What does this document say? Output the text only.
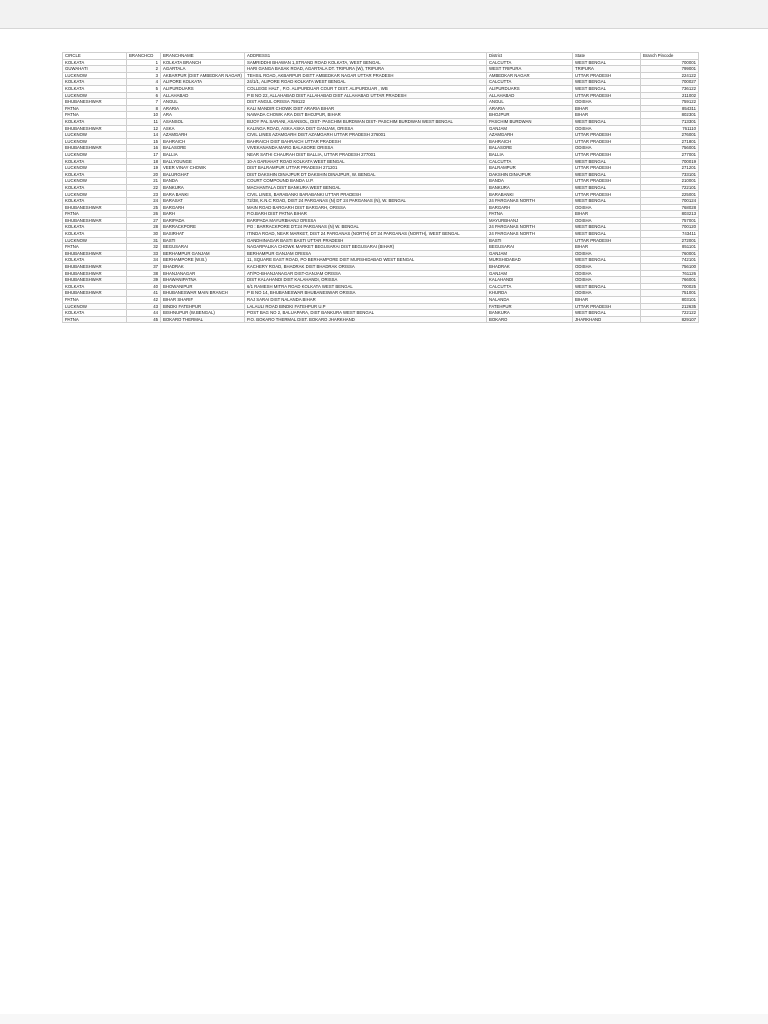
CIRCLE	BRANCHCD	BRANCHNAME	ADDRESS1	District	State	Branch Pincode
KOLKATA	1	KOLKATA BRANCH	SAMRIDDHI BHAWAN 1,STRAND ROAD KOLKATA, WEST BENGAL	CALCUTTA	WEST BENGAL	700001
GUWAHATI	2	AGARTALA	HARI GANGA BASAK ROAD, AGARTALA DT. TRIPURA (W), TRIPURA	WEST TRIPURA	TRIPURA	799001
LUCKNOW	3	AKBARPUR (DIST AMBEDKAR NAGAR)	TEHSIL ROAD, AKBARPUR DISTT AMBEDKAR NAGAR UTTAR PRADESH	AMBEDKAR NAGAR	UTTAR PRADESH	224122
KOLKATA	4	ALIPORE KOLKATA	24/1/1, ALIPORE ROAD KOLKATA WEST BENGAL	CALCUTTA	WEST BENGAL	700027
KOLKATA	5	ALIPURDUARS	COLLEGE HALT , P.O. ALIPURDUAR COUR T DIST. ALIPURDUAR , WB	ALIPURDUARS	WEST BENGAL	736122
LUCKNOW	6	ALLAHABAD	P B NO 22, ALLAHABAD DIST ALLAHABAD DIST ALLAHABAD UTTAR PRADESH	ALLAHABAD	UTTAR PRADESH	211002
BHUBANESHWAR	7	ANGUL	DIST ANGUL ORISSA 759122	ANGUL	ODISHA	759122
PATNA	8	ARARIA	KALI MANDIR CHOWK DIST ARARIA BIHAR	ARARIA	BIHAR	854311
PATNA	10	ARA	NAWADA CHOWK ARA DIST BHOJPUR, BIHAR	BHOJPUR	BIHAR	802301
KOLKATA	11	ASANSOL	BIJOY PAL SARANI, ASANSOL, DIST- PASCHIM BURDWAN DIST- PASCHIM BURDWAN WEST BENGAL	PASCHIM BURDWAN	WEST BENGAL	713301
BHUBANESHWAR	12	ASKA	KALINGA ROAD, ASKA ASKA DIST GANJAM, ORISSA	GANJAM	ODISHA	761110
LUCKNOW	14	AZAMGARH	CIVIL LINES AZAMGARH DIST AZAMGARH UTTAR PRADESH 276001	AZAMGARH	UTTAR PRADESH	276001
LUCKNOW	15	BAHRAICH	BAHRAICH DIST BAHRAICH UTTAR PRADESH	BAHRAICH	UTTAR PRADESH	271801
BHUBANESHWAR	16	BALASORE	VIVEKANANDA MARG BALASORE ORISSA	BALASORE	ODISHA	756001
LUCKNOW	17	BALLIA	NEAR SATHI CHAURAH DIST BALLIA, UTTAR PRADESH 277001	BALLIA	UTTAR PRADESH	277001
KOLKATA	18	BALLYGUNGE	10-A GARIAHAT ROAD KOLKATA WEST BENGAL	CALCUTTA	WEST BENGAL	700019
LUCKNOW	19	VEER VINAY CHOWK	DIST BALRAMPUR UTTAR PRADESH 271201	BALRAMPUR	UTTAR PRADESH	271201
KOLKATA	20	BALURGHAT	DIST DAKSHIN DINAJPUR DT DAKSHIN DINAJPUR, W. BENGAL	DAKSHIN DINAJPUR	WEST BENGAL	733101
LUCKNOW	21	BANDA	COURT COMPOUND BANDA U.P.	BANDA	UTTAR PRADESH	210001
KOLKATA	22	BANKURA	MACHANTALA DIST BANKURA WEST BENGAL	BANKURA	WEST BENGAL	722101
LUCKNOW	23	BARA BANKI	CIVIL LINES, BARABANKI BARABANKI UTTAR PRADESH	BARABANKI	UTTAR PRADESH	225001
KOLKATA	24	BARASAT	72/38, K.N.C ROAD, DIST 24 PARGANAS (N) DT 24 PARGANAS (N), W. BENGAL	24 PARGANAS NORTH	WEST BENGAL	700124
BHUBANESHWAR	25	BARGARH	MAIN ROAD BARGARH DIST BARGARH, ORISSA	BARGARH	ODISHA	768028
PATNA	26	BARH	P.O.BARH DIST PATNA BIHAR	PATNA	BIHAR	803213
BHUBANESHWAR	27	BARIPADA	BARIPADA MAYURBHANJ ORISSA	MAYURBHANJ	ODISHA	757001
KOLKATA	28	BARRACKPORE	PO : BARRACKPORE DT:24 PARGANAS (N) W. BENGAL	24 PARGANAS NORTH	WEST BENGAL	700120
KOLKATA	30	BASIRHAT	ITINDA ROAD, NEAR MARKET, DIST 24 PARGANAS (NORTH) DT 24 PARGANAS (NORTH), WEST BENGAL	24 PARGANAS NORTH	WEST BENGAL	743411
LUCKNOW	31	BASTI	GANDHINAGAR BASTI BASTI UTTAR PRADESH	BASTI	UTTAR PRADESH	272001
PATNA	32	BEGUSARAI	NAGARPALIKA CHOWK MARKET BEGUSARAI DIST BEGUSARAI (BIHAR)	BEGUSARAI	BIHAR	851101
BHUBANESHWAR	33	BERHAMPUR GANJAM	BERHAMPUR GANJAM ORISSA	GANJAM	ODISHA	760001
KOLKATA	34	BERHAMPORE (W.B.)	11, SQUARE EAST ROAD, PO BERHAMPORE DIST MURSHIDABAD WEST BENGAL	MURSHIDABAD	WEST BENGAL	742101
BHUBANESHWAR	37	BHADRAK	KACHERY ROAD, BHADRAK DIST BHADRAK ORISSA	BHADRAK	ODISHA	756100
BHUBANESHWAR	38	BHANJANAGAR	AT/PO-BHANJANAGAR DIST-GANJAM ORISSA	GANJAM	ODISHA	761126
BHUBANESHWAR	39	BHAWANIPATNA	DIST KALAHANDI DIST KALAHANDI, ORISSA	KALAHANDI	ODISHA	766001
KOLKATA	40	BHOWANIPUR	6/1 RAMESH MITRA ROAD KOLKATA WEST BENGAL	CALCUTTA	WEST BENGAL	700025
BHUBANESHWAR	41	BHUBANESWAR MAIN BRANCH	P B NO 14, BHUBANESWAR BHUBANESWAR ORISSA	KHURDA	ODISHA	751001
PATNA	42	BIHAR SHARIF	RAJ SARAI DIST NALANDA BIHAR	NALANDA	BIHAR	803101
LUCKNOW	43	BINDKI FATEHPUR	LALAULI ROAD BINDKI FATEHPUR U.P	FATEHPUR	UTTAR PRADESH	212635
KOLKATA	44	BISHNUPUR (W.BENGAL)	POST BAG NO 2, BALUAPARA, DIST BANKURA WEST BENGAL	BANKURA	WEST BENGAL	722122
PATNA	45	BOKARO THERMAL	P.O. BOKARO THERMAL DIST. BOKARO JHARKHAND	BOKARO	JHARKHAND	829107
